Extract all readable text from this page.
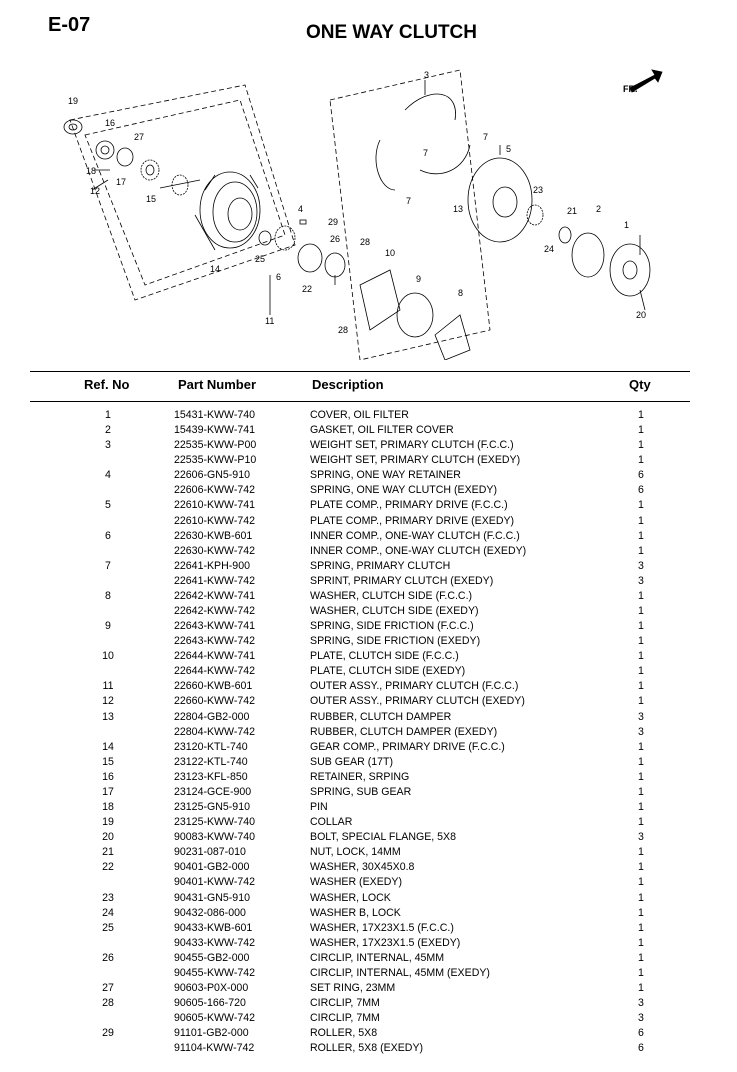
E-07	ONE WAY CLUTCH
19
16
27
18
17
12
15
14
11
25
6
4
29
22
26 28
28
10
9
8
3
7
7
7
13
5
23
24
21 2
1
20
FR.
Ref. No	Part Number	Description	Qty
1	15431-KWW-740	COVER, OIL FILTER	1
2	15439-KWW-741	GASKET, OIL FILTER COVER	1
3	22535-KWW-P00	WEIGHT SET, PRIMARY CLUTCH (F.C.C.)	1
22535-KWW-P10	WEIGHT SET, PRIMARY CLUTCH (EXEDY)	1
4	22606-GN5-910	SPRING, ONE WAY RETAINER	6
22606-KWW-742	SPRING, ONE WAY CLUTCH (EXEDY)	6
5	22610-KWW-741	PLATE COMP., PRIMARY DRIVE (F.C.C.)	1
22610-KWW-742	PLATE COMP., PRIMARY DRIVE (EXEDY)	1
6	22630-KWB-601	INNER COMP., ONE-WAY CLUTCH (F.C.C.)	1
22630-KWW-742	INNER COMP., ONE-WAY CLUTCH (EXEDY)	1
7	22641-KPH-900	SPRING, PRIMARY CLUTCH	3
22641-KWW-742	SPRINT, PRIMARY CLUTCH (EXEDY)	3
8	22642-KWW-741	WASHER, CLUTCH SIDE (F.C.C.)	1
22642-KWW-742	WASHER, CLUTCH SIDE (EXEDY)	1
9	22643-KWW-741	SPRING, SIDE FRICTION (F.C.C.)	1
22643-KWW-742	SPRING, SIDE FRICTION (EXEDY)	1
10	22644-KWW-741	PLATE, CLUTCH SIDE (F.C.C.)	1
22644-KWW-742	PLATE, CLUTCH SIDE (EXEDY)	1
11	22660-KWB-601	OUTER ASSY., PRIMARY CLUTCH (F.C.C.)	1
12	22660-KWW-742	OUTER ASSY., PRIMARY CLUTCH (EXEDY)	1
13	22804-GB2-000	RUBBER, CLUTCH DAMPER	3
22804-KWW-742	RUBBER, CLUTCH DAMPER (EXEDY)	3
14	23120-KTL-740	GEAR COMP., PRIMARY DRIVE (F.C.C.)	1
15	23122-KTL-740	SUB GEAR (17T)	1
16	23123-KFL-850	RETAINER, SRPING	1
17	23124-GCE-900	SPRING, SUB GEAR	1
18	23125-GN5-910	PIN	1
19	23125-KWW-740	COLLAR	1
20	90083-KWW-740	BOLT, SPECIAL FLANGE, 5X8	3
21	90231-087-010	NUT, LOCK, 14MM	1
22	90401-GB2-000	WASHER, 30X45X0.8	1
90401-KWW-742	WASHER (EXEDY)	1
23	90431-GN5-910	WASHER, LOCK	1
24	90432-086-000	WASHER B, LOCK	1
25	90433-KWB-601	WASHER, 17X23X1.5 (F.C.C.)	1
90433-KWW-742	WASHER, 17X23X1.5 (EXEDY)	1
26	90455-GB2-000	CIRCLIP, INTERNAL, 45MM	1
90455-KWW-742	CIRCLIP, INTERNAL, 45MM (EXEDY)	1
27	90603-P0X-000	SET RING, 23MM	1
28	90605-166-720	CIRCLIP, 7MM	3
90605-KWW-742	CIRCLIP, 7MM	3
29	91101-GB2-000	ROLLER, 5X8	6
91104-KWW-742	ROLLER, 5X8 (EXEDY)	6
